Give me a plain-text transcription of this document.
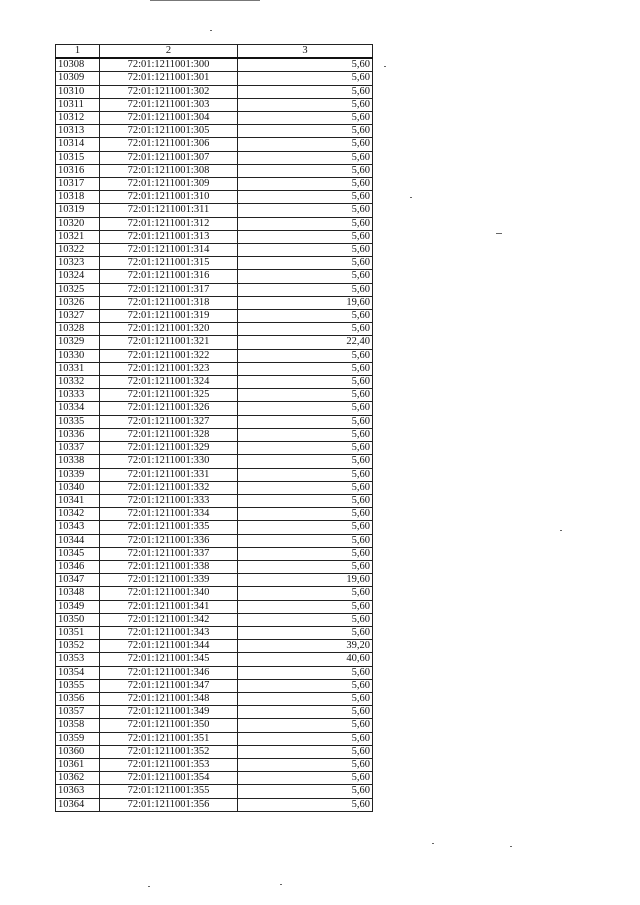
1	2	3
10308	72:01:1211001:300	5,60
10309	72:01:1211001:301	5,60
10310	72:01:1211001:302	5,60
10311	72:01:1211001:303	5,60
10312	72:01:1211001:304	5,60
10313	72:01:1211001:305	5,60
10314	72:01:1211001:306	5,60
10315	72:01:1211001:307	5,60
10316	72:01:1211001:308	5,60
10317	72:01:1211001:309	5,60
10318	72:01:1211001:310	5,60
10319	72:01:1211001:311	5,60
10320	72:01:1211001:312	5,60
10321	72:01:1211001:313	5,60
10322	72:01:1211001:314	5,60
10323	72:01:1211001:315	5,60
10324	72:01:1211001:316	5,60
10325	72:01:1211001:317	5,60
10326	72:01:1211001:318	19,60
10327	72:01:1211001:319	5,60
10328	72:01:1211001:320	5,60
10329	72:01:1211001:321	22,40
10330	72:01:1211001:322	5,60
10331	72:01:1211001:323	5,60
10332	72:01:1211001:324	5,60
10333	72:01:1211001:325	5,60
10334	72:01:1211001:326	5,60
10335	72:01:1211001:327	5,60
10336	72:01:1211001:328	5,60
10337	72:01:1211001:329	5,60
10338	72:01:1211001:330	5,60
10339	72:01:1211001:331	5,60
10340	72:01:1211001:332	5,60
10341	72:01:1211001:333	5,60
10342	72:01:1211001:334	5,60
10343	72:01:1211001:335	5,60
10344	72:01:1211001:336	5,60
10345	72:01:1211001:337	5,60
10346	72:01:1211001:338	5,60
10347	72:01:1211001:339	19,60
10348	72:01:1211001:340	5,60
10349	72:01:1211001:341	5,60
10350	72:01:1211001:342	5,60
10351	72:01:1211001:343	5,60
10352	72:01:1211001:344	39,20
10353	72:01:1211001:345	40,60
10354	72:01:1211001:346	5,60
10355	72:01:1211001:347	5,60
10356	72:01:1211001:348	5,60
10357	72:01:1211001:349	5,60
10358	72:01:1211001:350	5,60
10359	72:01:1211001:351	5,60
10360	72:01:1211001:352	5,60
10361	72:01:1211001:353	5,60
10362	72:01:1211001:354	5,60
10363	72:01:1211001:355	5,60
10364	72:01:1211001:356	5,60
